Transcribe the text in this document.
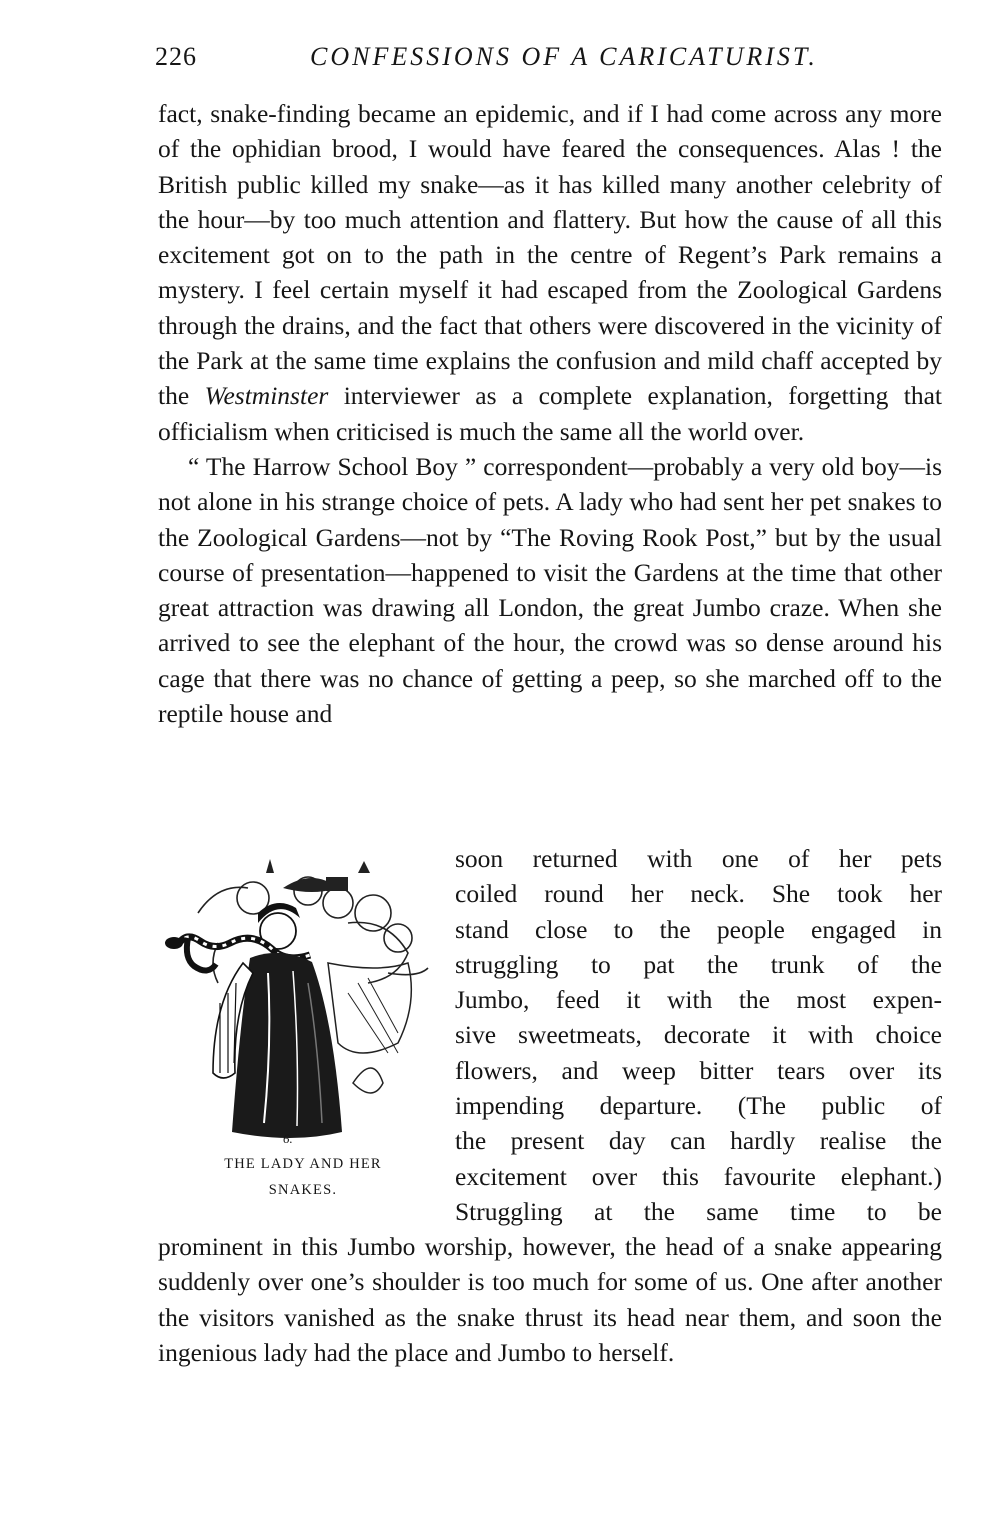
226	CONFESSIONS OF A CARICATURIST.

fact, snake-finding became an epidemic, and if I had come across any more of the ophidian brood, I would have feared the consequences. Alas ! the British public killed my snake—as it has killed many another celebrity of the hour—by too much attention and flattery. But how the cause of all this excitement got on to the path in the centre of Regent’s Park remains a mystery. I feel certain myself it had escaped from the Zoological Gardens through the drains, and the fact that others were discovered in the vicinity of the Park at the same time explains the confusion and mild chaff accepted by the Westminster interviewer as a complete explanation, forgetting that officialism when criticised is much the same all the world over.

“ The Harrow School Boy ” correspondent—probably a very old boy—is not alone in his strange choice of pets. A lady who had sent her pet snakes to the Zoological Gardens—not by “The Roving Rook Post,” but by the usual course of presentation—happened to visit the Gardens at the time that other great attraction was drawing all London, the great Jumbo craze. When she arrived to see the elephant of the hour, the crowd was so dense around his cage that there was no chance of getting a peep, so she marched off to the reptile house and

6.
THE LADY AND HER
SNAKES.
soon returned with one of her pets
coiled round her neck. She took her
stand close to the people engaged in
struggling to pat the trunk of the
Jumbo, feed it with the most expen-
sive sweetmeats, decorate it with choice
flowers, and weep bitter tears over its
impending departure. (The public of
the present day can hardly realise the
excitement over this favourite elephant.)
Struggling at the same time to be

prominent in this Jumbo worship, however, the head of a snake appearing suddenly over one’s shoulder is too much for some of us. One after another the visitors vanished as the snake thrust its head near them, and soon the ingenious lady had the place and Jumbo to herself.
